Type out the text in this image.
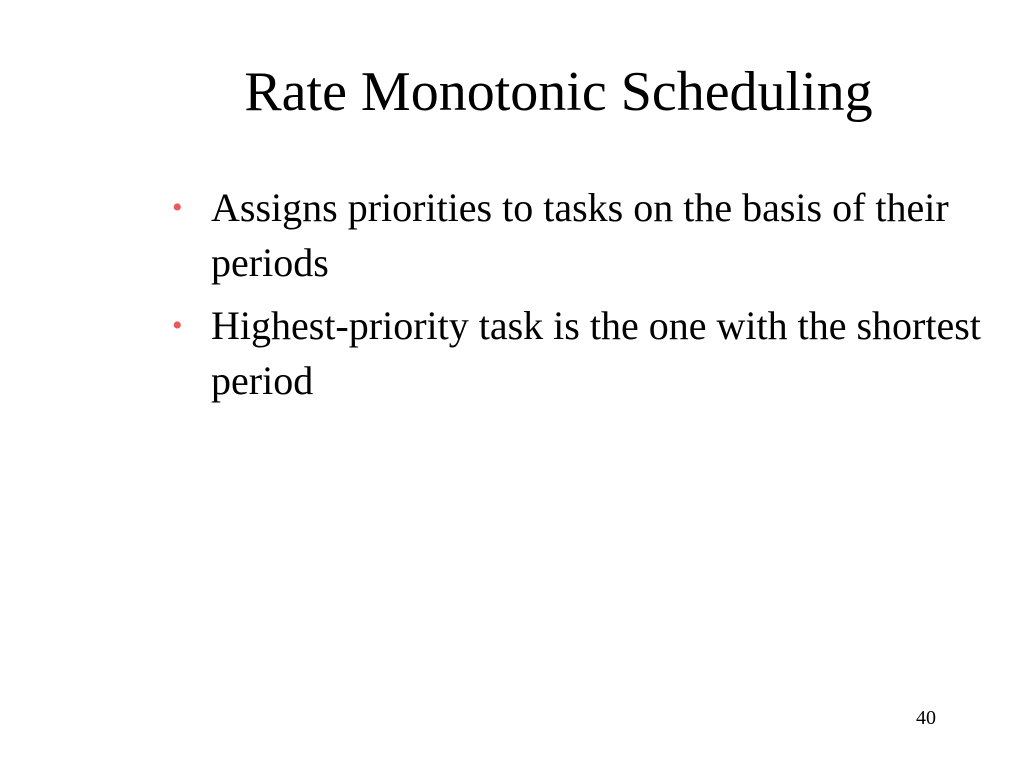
Rate Monotonic Scheduling
• Assigns priorities to tasks on the basis of their periods
• Highest-priority task is the one with the shortest period
40
